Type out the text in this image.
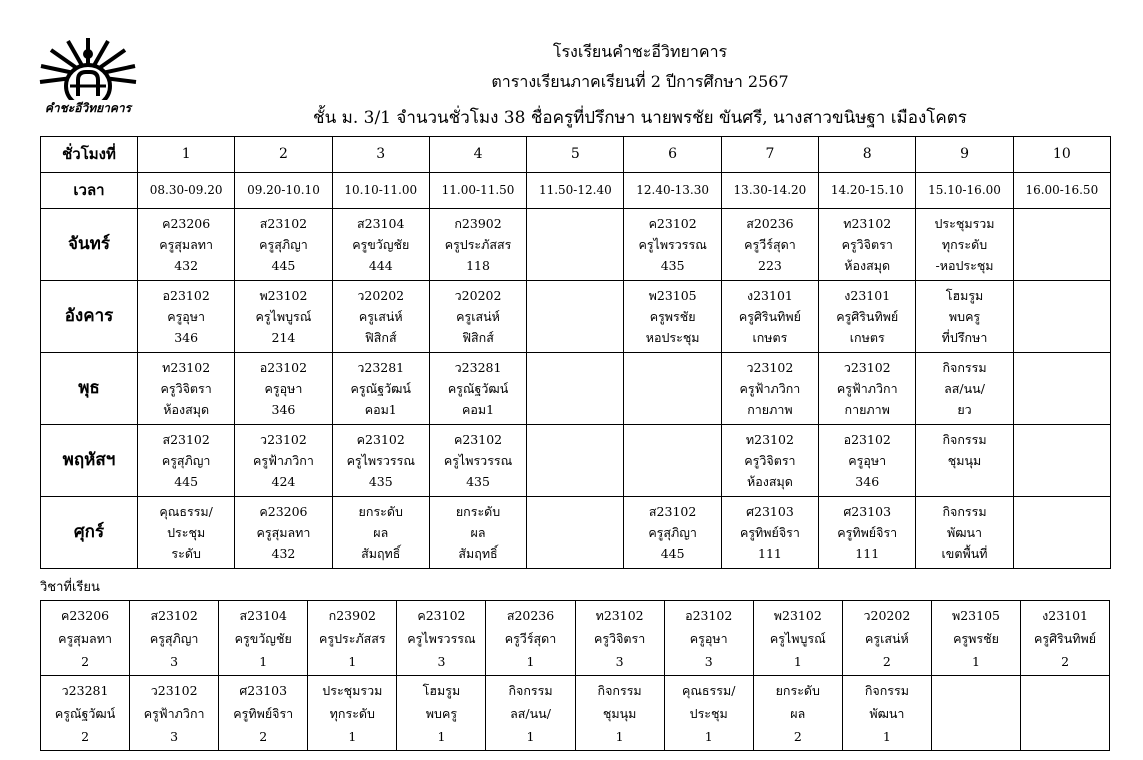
คำชะอีวิทยาคาร
โรงเรียนคำชะอีวิทยาคาร
ตารางเรียนภาคเรียนที่ 2 ปีการศึกษา 2567
ชั้น ม. 3/1 จำนวนชั่วโมง 38 ชื่อครูที่ปรึกษา นายพรชัย ขันศรี, นางสาวขนิษฐา เมืองโคตร
ชั่วโมงที่	1	2	3	4	5	6	7	8	9	10
เวลา	08.30-09.20	09.20-10.10	10.10-11.00	11.00-11.50	11.50-12.40	12.40-13.30	13.30-14.20	14.20-15.10	15.10-16.00	16.00-16.50
จันทร์	ค23206
ครูสุมลทา
432	ส23102
ครูสุภิญา
445	ส23104
ครูขวัญชัย
444	ก23902
ครูประภัสสร
118		ค23102
ครูไพรวรรณ
435	ส20236
ครูวีร์สุดา
223	ท23102
ครูวิจิตรา
ห้องสมุด	ประชุมรวม
ทุกระดับ
-หอประชุม	

อังคาร	อ23102
ครูอุษา
346	พ23102
ครูไพบูรณ์
214	ว20202
ครูเสน่ห์
ฟิสิกส์	ว20202
ครูเสน่ห์
ฟิสิกส์		พ23105
ครูพรชัย
หอประชุม	ง23101
ครูศิรินทิพย์
เกษตร	ง23101
ครูศิรินทิพย์
เกษตร	โฮมรูม
พบครู
ที่ปรึกษา	

พุธ	ท23102
ครูวิจิตรา
ห้องสมุด	อ23102
ครูอุษา
346	ว23281
ครูณัฐวัฒน์
คอม1	ว23281
ครูณัฐวัฒน์
คอม1			ว23102
ครูฟ้าภวิกา
กายภาพ	ว23102
ครูฟ้าภวิกา
กายภาพ	กิจกรรม
ลส/นน/
ยว	

พฤหัสฯ	ส23102
ครูสุภิญา
445	ว23102
ครูฟ้าภวิกา
424	ค23102
ครูไพรวรรณ
435	ค23102
ครูไพรวรรณ
435			ท23102
ครูวิจิตรา
ห้องสมุด	อ23102
ครูอุษา
346	กิจกรรม
ชุมนุม	

ศุกร์	คุณธรรม/
ประชุม
ระดับ	ค23206
ครูสุมลทา
432	ยกระดับ
ผล
สัมฤทธิ์	ยกระดับ
ผล
สัมฤทธิ์		ส23102
ครูสุภิญา
445	ศ23103
ครูทิพย์จิรา
111	ศ23103
ครูทิพย์จิรา
111	กิจกรรม
พัฒนา
เขตพื้นที่	

วิชาที่เรียน
ค23206
ครูสุมลทา
2	ส23102
ครูสุภิญา
3	ส23104
ครูขวัญชัย
1	ก23902
ครูประภัสสร
1	ค23102
ครูไพรวรรณ
3	ส20236
ครูวีร์สุดา
1	ท23102
ครูวิจิตรา
3	อ23102
ครูอุษา
3	พ23102
ครูไพบูรณ์
1	ว20202
ครูเสน่ห์
2	พ23105
ครูพรชัย
1	ง23101
ครูศิรินทิพย์
2

ว23281
ครูณัฐวัฒน์
2	ว23102
ครูฟ้าภวิกา
3	ศ23103
ครูทิพย์จิรา
2	ประชุมรวม
ทุกระดับ
1	โฮมรูม
พบครู
1	กิจกรรม
ลส/นน/
1	กิจกรรม
ชุมนุม
1	คุณธรรม/
ประชุม
1	ยกระดับ
ผล
2	กิจกรรม
พัฒนา
1		
